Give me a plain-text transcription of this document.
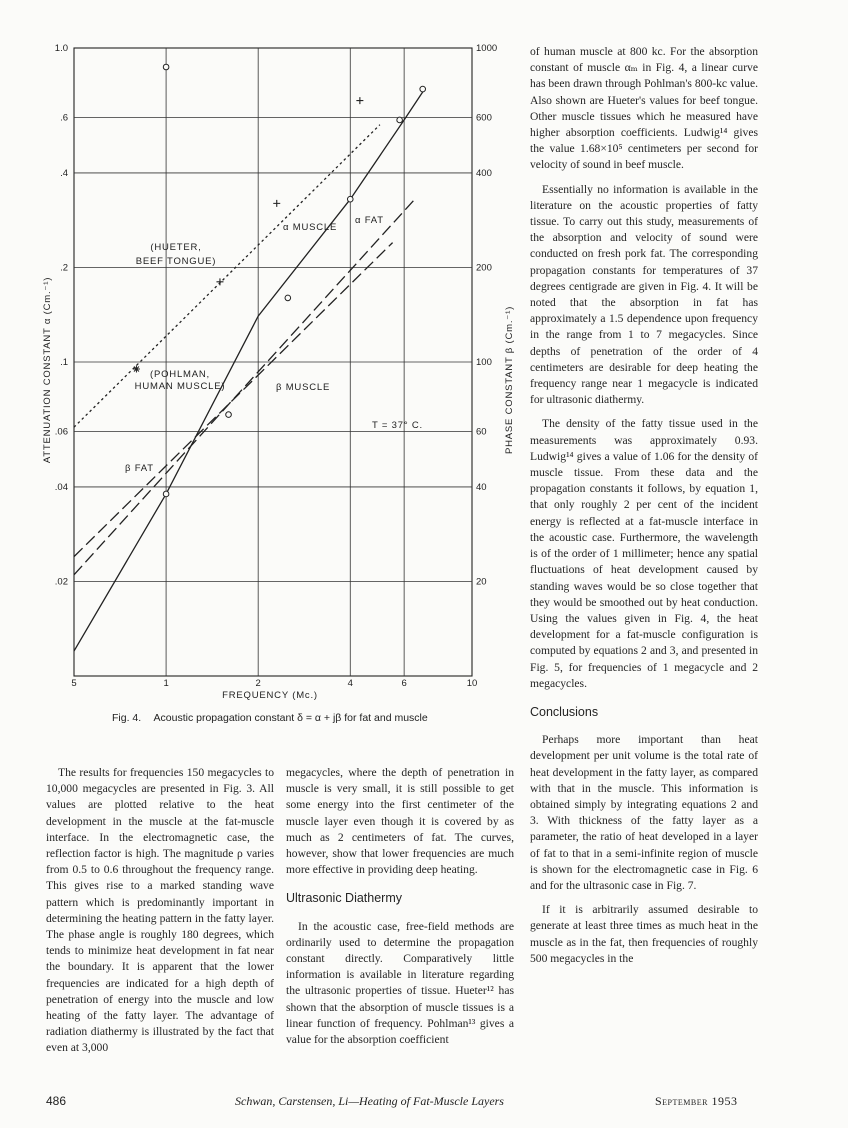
5	1	2	4	6	10
1.0
.6
.4
.2
.1
.06
.04
.02
1000
600
400
200
100
60
40
20
FREQUENCY (Mc.)
ATTENUATION CONSTANT α (Cm.⁻¹)	PHASE CONSTANT β (Cm.⁻¹)
(HUETER,
BEEF TONGUE)
(POHLMAN,
HUMAN MUSCLE)
α MUSCLE
α FAT
β MUSCLE
β FAT
T = 37° C.
Fig. 4. Acoustic propagation constant δ = α + jβ for fat and muscle

of human muscle at 800 kc. For the absorption constant of muscle αₘ in Fig. 4, a linear curve has been drawn through Pohlman's 800-kc value. Also shown are Hueter's values for beef tongue. Other muscle tissues which he measured have higher absorption coefficients. Ludwig¹⁴ gives the value 1.68×10⁵ centimeters per second for velocity of sound in beef muscle.

Essentially no information is available in the literature on the acoustic properties of fatty tissue. To carry out this study, measurements of the absorption and velocity of sound were conducted on fresh pork fat. The corresponding propagation constants for temperatures of 37 degrees centigrade are given in Fig. 4. It will be noted that the absorption in fat has approximately a 1.5 dependence upon frequency in the range from 1 to 7 megacycles. Since depths of penetration of the order of 4 centimeters are desirable for deep heating the frequency range near 1 megacycle is indicated for ultrasonic diathermy.

The density of the fatty tissue used in the measurements was approximately 0.93. Ludwig¹⁴ gives a value of 1.06 for the density of muscle tissue. From these data and the propagation constants it follows, by equation 1, that only roughly 2 per cent of the incident energy is reflected at a fat-muscle interface in the acoustic case. Furthermore, the wavelength is of the order of 1 millimeter; hence any spatial fluctuations of heat development caused by standing waves would be so close together that they would be smoothed out by heat conduction. Using the values given in Fig. 4, the heat development for a fat-muscle configuration is computed by equations 2 and 3, and presented in Fig. 5, for frequencies of 1 megacycle and 2 megacycles.

Conclusions

Perhaps more important than heat development per unit volume is the total rate of heat development in the fatty layer, as compared with that in the muscle. This information is obtained simply by integrating equations 2 and 3. With thickness of the fatty layer as a parameter, the ratio of heat developed in a layer of fat to that in a semi-infinite region of muscle is shown for the electromagnetic case in Fig. 6 and for the ultrasonic case in Fig. 7.

If it is arbitrarily assumed desirable to generate at least three times as much heat in the muscle as in the fat, then frequencies of roughly 500 megacycles in the

The results for frequencies 150 megacycles to 10,000 megacycles are presented in Fig. 3. All values are plotted relative to the heat development in the muscle at the fat-muscle interface. In the electromagnetic case, the reflection factor is high. The magnitude ρ varies from 0.5 to 0.6 throughout the frequency range. This gives rise to a marked standing wave pattern which is predominantly important in determining the heating pattern in the fatty layer. The phase angle is roughly 180 degrees, which tends to minimize heat development in fat near the boundary. It is apparent that the lower frequencies are indicated for a high depth of penetration of energy into the muscle and low heating of the fatty layer. The advantage of radiation diathermy is illustrated by the fact that even at 3,000

megacycles, where the depth of penetration in muscle is very small, it is still possible to get some energy into the first centimeter of the muscle layer even though it is covered by as much as 2 centimeters of fat. The curves, however, show that lower frequencies are much more effective in providing deep heating.

Ultrasonic Diathermy

In the acoustic case, free-field methods are ordinarily used to determine the propagation constant directly. Comparatively little information is available in literature regarding the ultrasonic properties of tissue. Hueter¹² has shown that the absorption of muscle tissues is a linear function of frequency. Pohlman¹³ gives a value for the absorption coefficient

486	Schwan, Carstensen, Li—Heating of Fat-Muscle Layers	September 1953
